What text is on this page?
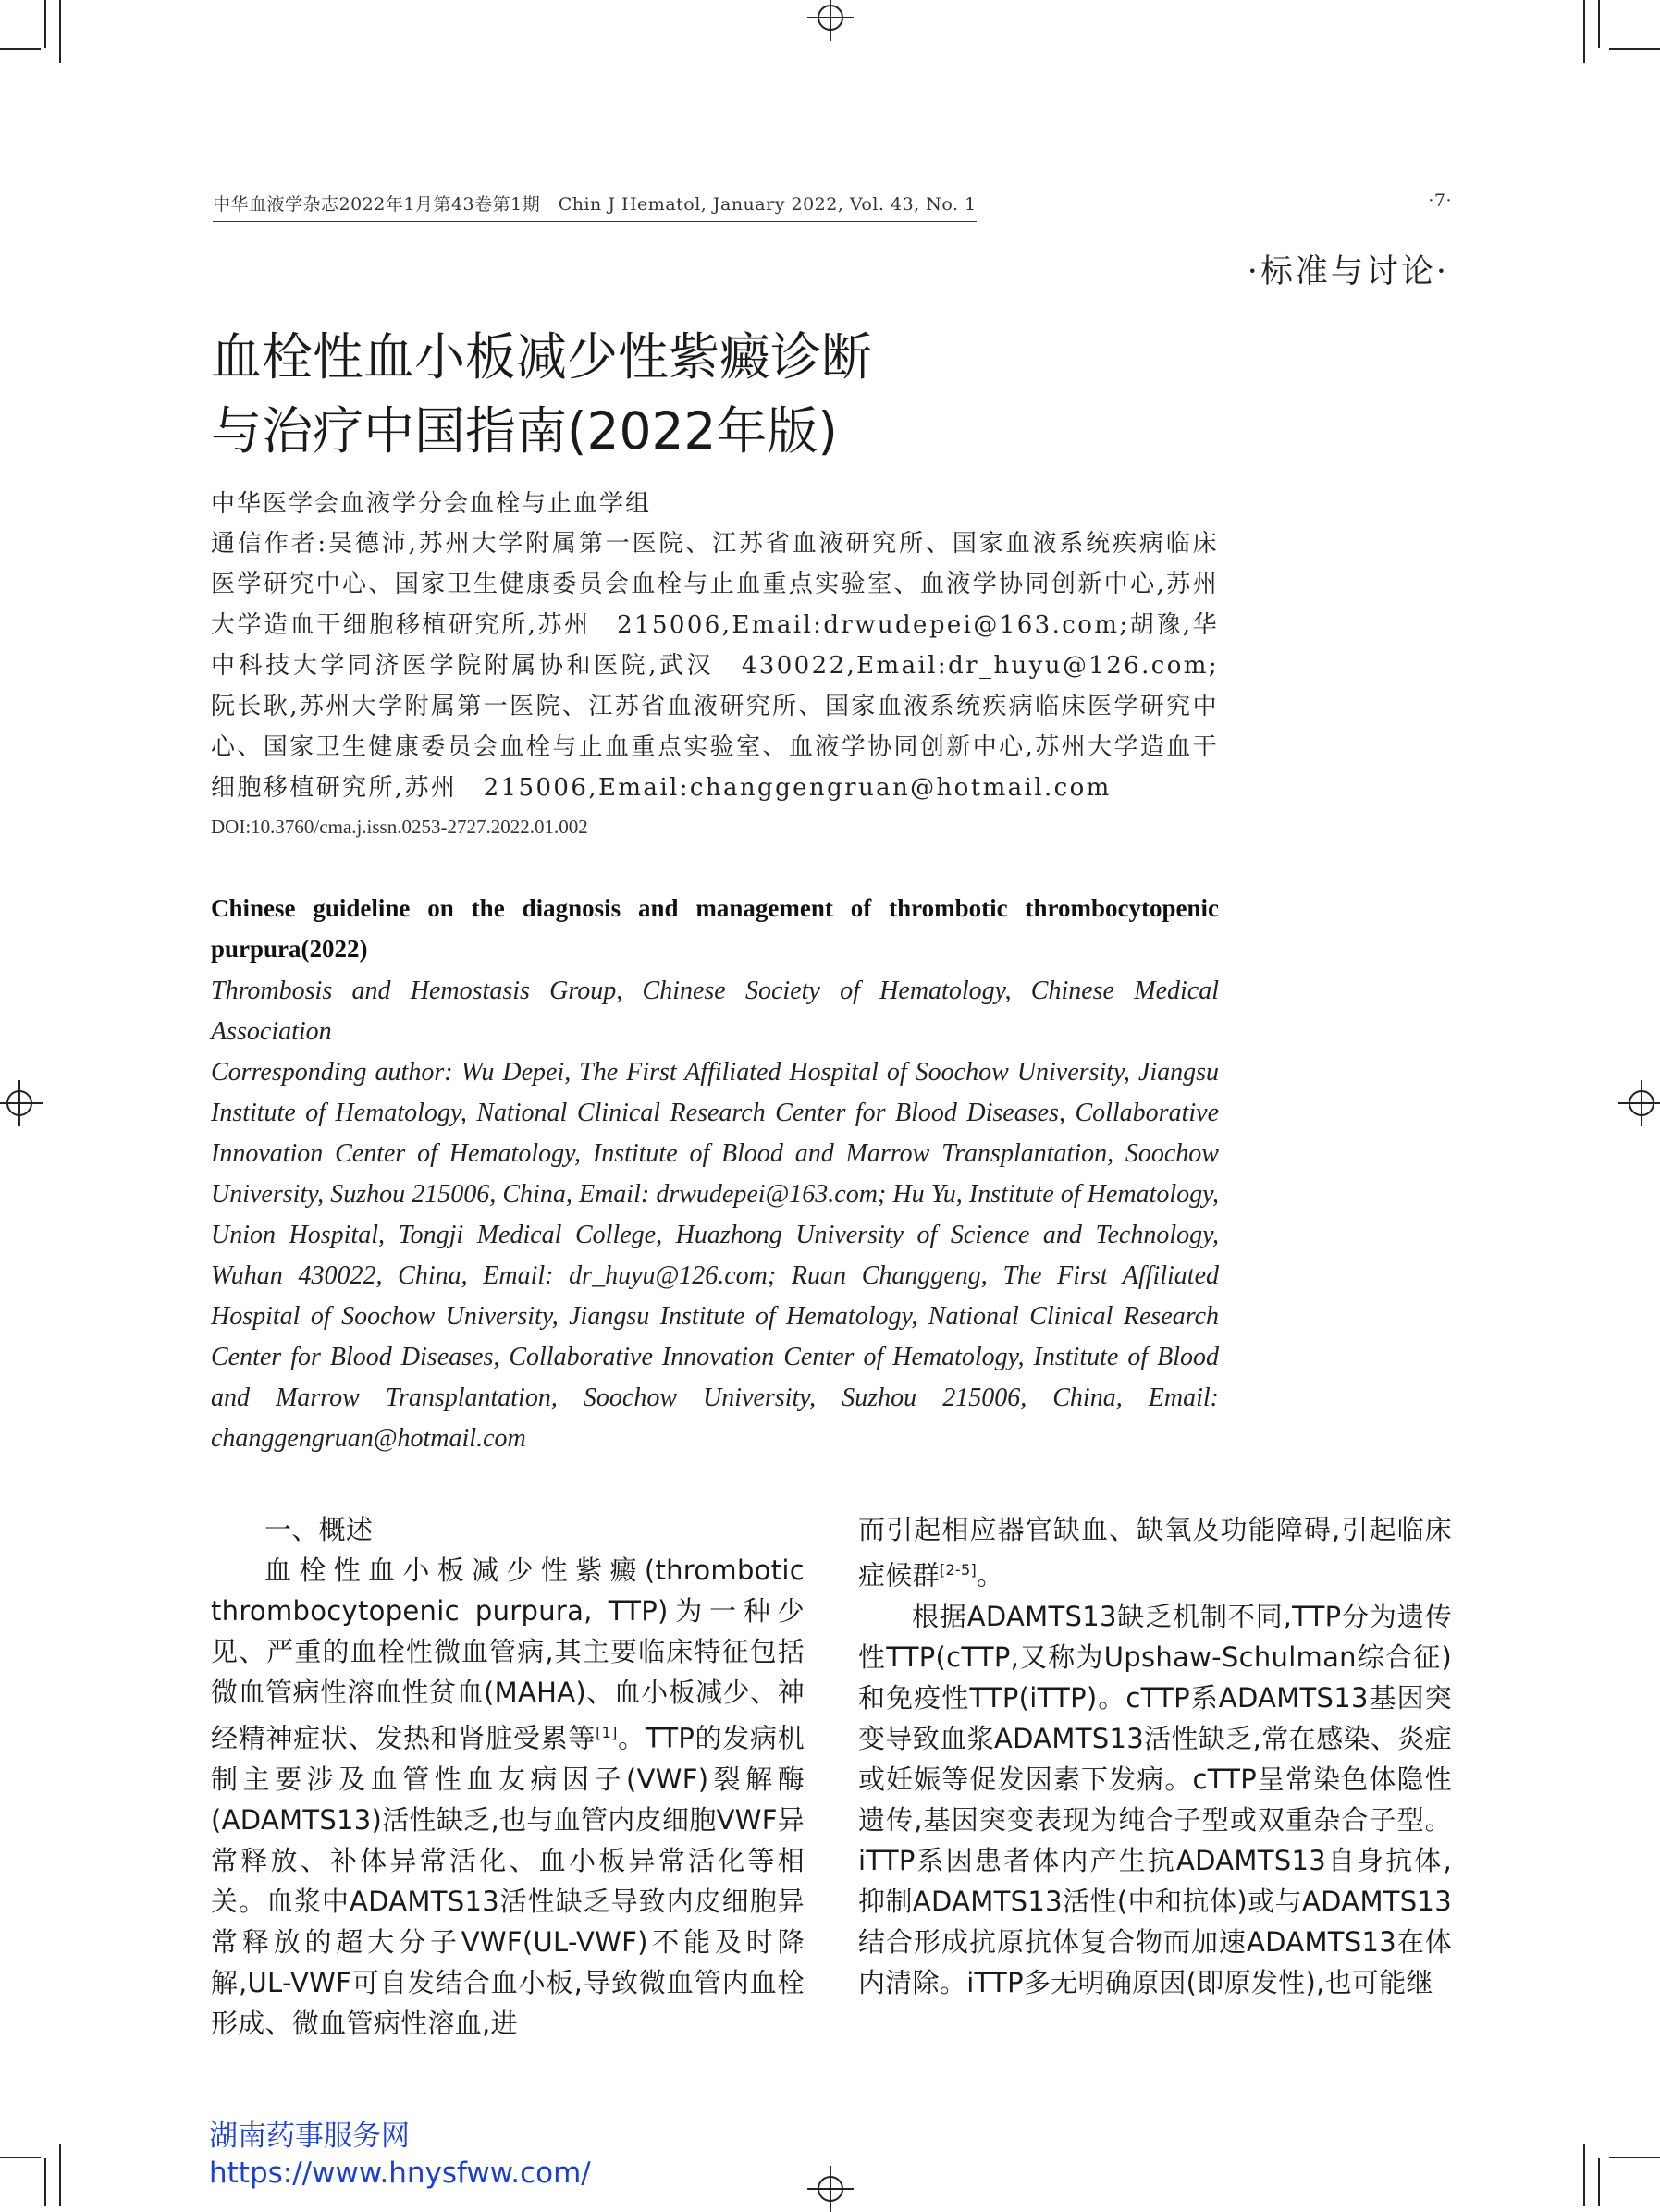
中华血液学杂志2022年1月第43卷第1期　Chin J Hematol, January 2022, Vol. 43, No. 1	·7·
·标准与讨论·
血栓性血小板减少性紫癜诊断
与治疗中国指南(2022年版)
中华医学会血液学分会血栓与止血学组
通信作者:吴德沛,苏州大学附属第一医院、江苏省血液研究所、国家血液系统疾病临床医学研究中心、国家卫生健康委员会血栓与止血重点实验室、血液学协同创新中心,苏州大学造血干细胞移植研究所,苏州　215006,Email:drwudepei@163.com;胡豫,华中科技大学同济医学院附属协和医院,武汉　430022,Email:dr_huyu@126.com;阮长耿,苏州大学附属第一医院、江苏省血液研究所、国家血液系统疾病临床医学研究中心、国家卫生健康委员会血栓与止血重点实验室、血液学协同创新中心,苏州大学造血干细胞移植研究所,苏州　215006,Email:changgengruan@hotmail.com
DOI:10.3760/cma.j.issn.0253-2727.2022.01.002
Chinese guideline on the diagnosis and management of thrombotic thrombocytopenic purpura(2022)
Thrombosis and Hemostasis Group, Chinese Society of Hematology, Chinese Medical Association
Corresponding author: Wu Depei, The First Affiliated Hospital of Soochow University, Jiangsu Institute of Hematology, National Clinical Research Center for Blood Diseases, Collaborative Innovation Center of Hematology, Institute of Blood and Marrow Transplantation, Soochow University, Suzhou 215006, China, Email: drwudepei@163.com; Hu Yu, Institute of Hematology, Union Hospital, Tongji Medical College, Huazhong University of Science and Technology, Wuhan 430022, China, Email: dr_huyu@126.com; Ruan Changgeng, The First Affiliated Hospital of Soochow University, Jiangsu Institute of Hematology, National Clinical Research Center for Blood Diseases, Collaborative Innovation Center of Hematology, Institute of Blood and Marrow Transplantation, Soochow University, Suzhou 215006, China, Email: changgengruan@hotmail.com

一、概述

血栓性血小板减少性紫癜(thrombotic thrombocytopenic purpura, TTP)为一种少见、严重的血栓性微血管病,其主要临床特征包括微血管病性溶血性贫血(MAHA)、血小板减少、神经精神症状、发热和肾脏受累等[1]。TTP的发病机制主要涉及血管性血友病因子(VWF)裂解酶(ADAMTS13)活性缺乏,也与血管内皮细胞VWF异常释放、补体异常活化、血小板异常活化等相关。血浆中ADAMTS13活性缺乏导致内皮细胞异常释放的超大分子VWF(UL-VWF)不能及时降解,UL-VWF可自发结合血小板,导致微血管内血栓形成、微血管病性溶血,进

而引起相应器官缺血、缺氧及功能障碍,引起临床症候群[2-5]。

根据ADAMTS13缺乏机制不同,TTP分为遗传性TTP(cTTP,又称为Upshaw-Schulman综合征)和免疫性TTP(iTTP)。cTTP系ADAMTS13基因突变导致血浆ADAMTS13活性缺乏,常在感染、炎症或妊娠等促发因素下发病。cTTP呈常染色体隐性遗传,基因突变表现为纯合子型或双重杂合子型。iTTP系因患者体内产生抗ADAMTS13自身抗体,抑制ADAMTS13活性(中和抗体)或与ADAMTS13结合形成抗原抗体复合物而加速ADAMTS13在体内清除。iTTP多无明确原因(即原发性),也可能继

湖南药事服务网
https://www.hnysfww.com/
